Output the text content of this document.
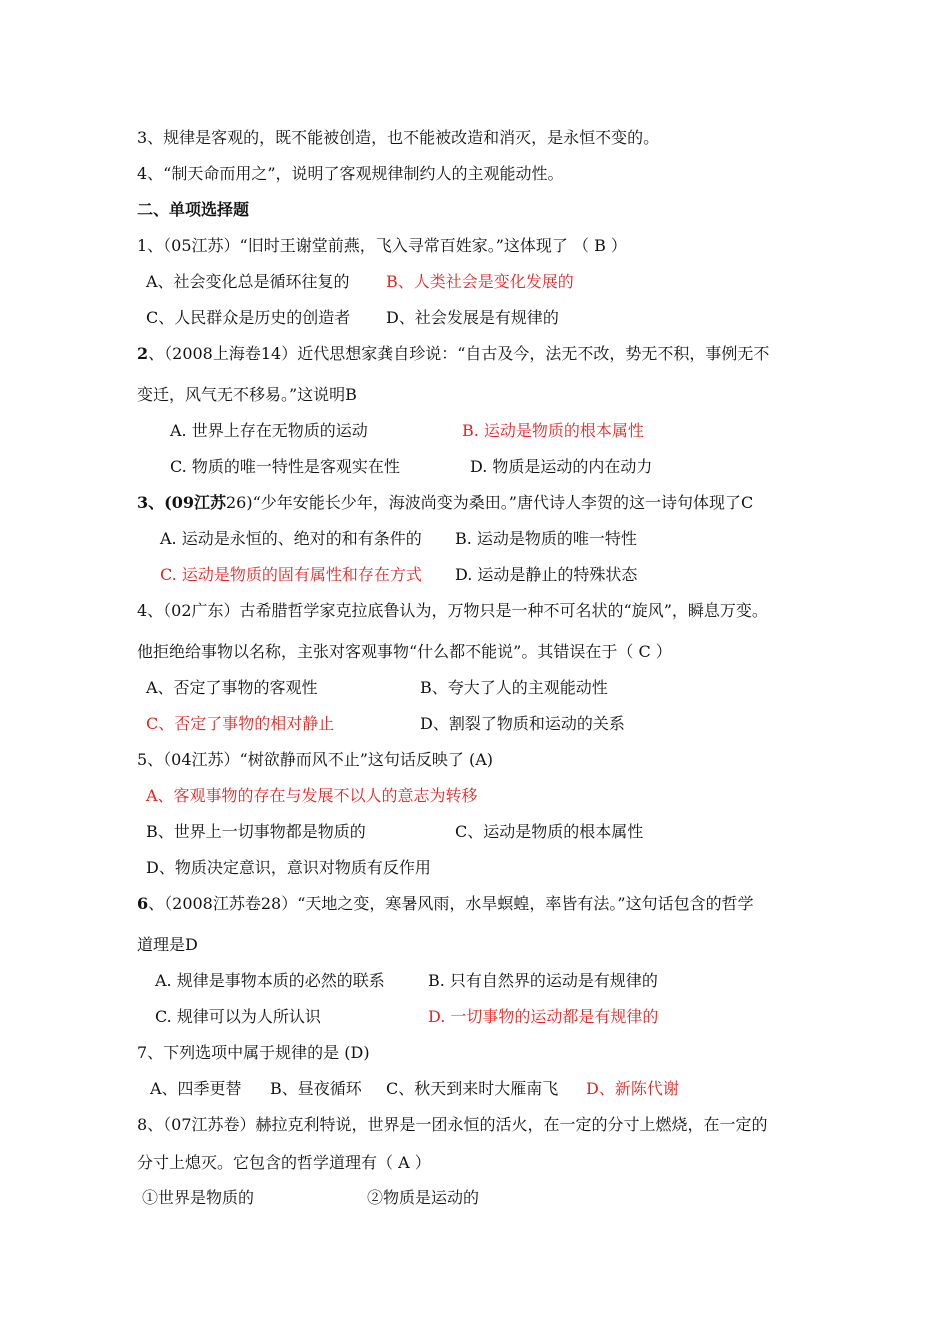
3、规律是客观的，既不能被创造，也不能被改造和消灭，是永恒不变的。
4、“制天命而用之”，说明了客观规律制约人的主观能动性。
二、单项选择题
1、（05江苏）“旧时王谢堂前燕，飞入寻常百姓家。”这体现了 （ B ）
A、社会变化总是循环往复的 B、人类社会是变化发展的
C、人民群众是历史的创造者 D、社会发展是有规律的
2、（2008上海卷14）近代思想家龚自珍说：“自古及今，法无不改，势无不积，事例无不
变迁，风气无不移易。”这说明B
A. 世界上存在无物质的运动	B. 运动是物质的根本属性
C. 物质的唯一特性是客观实在性	D. 物质是运动的内在动力
3、(09江苏26)“少年安能长少年，海波尚变为桑田。”唐代诗人李贺的这一诗句体现了C
A. 运动是永恒的、绝对的和有条件的 B. 运动是物质的唯一特性
C. 运动是物质的固有属性和存在方式 D. 运动是静止的特殊状态
4、（02广东）古希腊哲学家克拉底鲁认为，万物只是一种不可名状的“旋风”，瞬息万变。
他拒绝给事物以名称，主张对客观事物“什么都不能说”。其错误在于（ C ）
A、否定了事物的客观性	B、夸大了人的主观能动性
C、否定了事物的相对静止	D、割裂了物质和运动的关系
5、（04江苏）“树欲静而风不止”这句话反映了 (A)
A、客观事物的存在与发展不以人的意志为转移
B、世界上一切事物都是物质的	C、运动是物质的根本属性
D、物质决定意识，意识对物质有反作用
6、（2008江苏卷28）“天地之变，寒暑风雨，水旱螟蝗，率皆有法。”这句话包含的哲学
道理是D
A. 规律是事物本质的必然的联系	B. 只有自然界的运动是有规律的
C. 规律可以为人所认识	D. 一切事物的运动都是有规律的
7、下列选项中属于规律的是 (D)
A、四季更替 B、昼夜循环 C、秋天到来时大雁南飞 D、新陈代谢
8、（07江苏卷）赫拉克利特说，世界是一团永恒的活火，在一定的分寸上燃烧，在一定的
分寸上熄灭。它包含的哲学道理有（ A ）
①世界是物质的	②物质是运动的
